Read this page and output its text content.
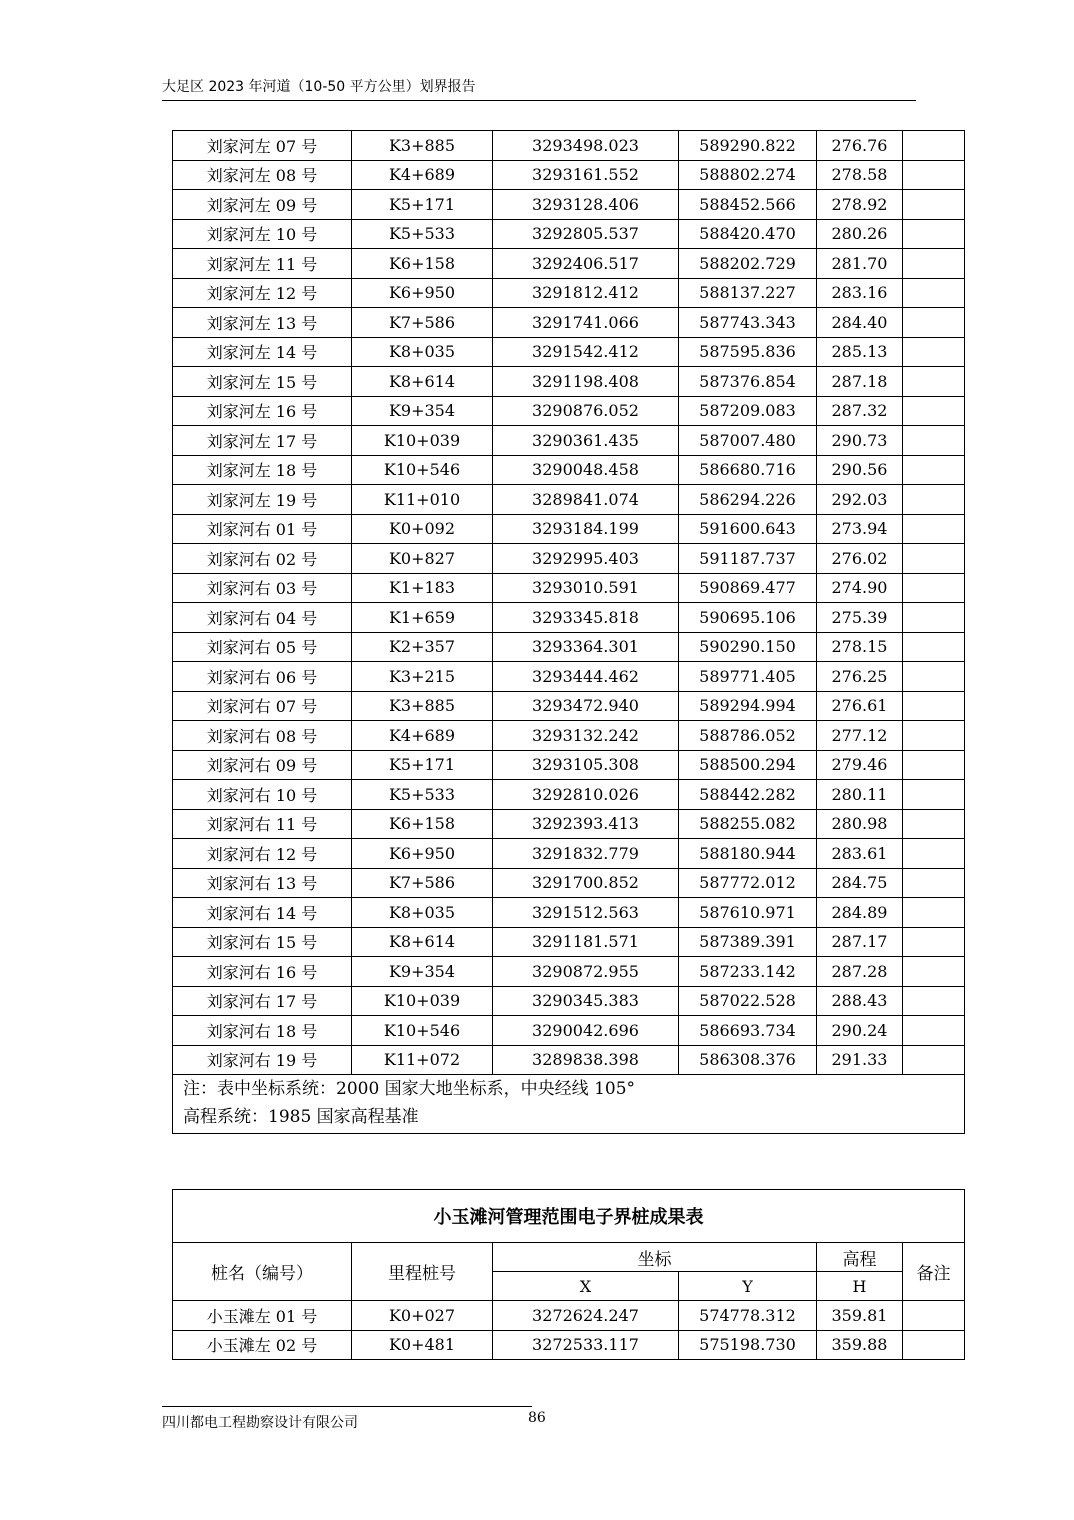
大足区 2023 年河道（10-50 平方公里）划界报告
刘家河左 07 号	K3+885	3293498.023	589290.822	276.76	
刘家河左 08 号	K4+689	3293161.552	588802.274	278.58	
刘家河左 09 号	K5+171	3293128.406	588452.566	278.92	
刘家河左 10 号	K5+533	3292805.537	588420.470	280.26	
刘家河左 11 号	K6+158	3292406.517	588202.729	281.70	
刘家河左 12 号	K6+950	3291812.412	588137.227	283.16	
刘家河左 13 号	K7+586	3291741.066	587743.343	284.40	
刘家河左 14 号	K8+035	3291542.412	587595.836	285.13	
刘家河左 15 号	K8+614	3291198.408	587376.854	287.18	
刘家河左 16 号	K9+354	3290876.052	587209.083	287.32	
刘家河左 17 号	K10+039	3290361.435	587007.480	290.73	
刘家河左 18 号	K10+546	3290048.458	586680.716	290.56	
刘家河左 19 号	K11+010	3289841.074	586294.226	292.03	
刘家河右 01 号	K0+092	3293184.199	591600.643	273.94	
刘家河右 02 号	K0+827	3292995.403	591187.737	276.02	
刘家河右 03 号	K1+183	3293010.591	590869.477	274.90	
刘家河右 04 号	K1+659	3293345.818	590695.106	275.39	
刘家河右 05 号	K2+357	3293364.301	590290.150	278.15	
刘家河右 06 号	K3+215	3293444.462	589771.405	276.25	
刘家河右 07 号	K3+885	3293472.940	589294.994	276.61	
刘家河右 08 号	K4+689	3293132.242	588786.052	277.12	
刘家河右 09 号	K5+171	3293105.308	588500.294	279.46	
刘家河右 10 号	K5+533	3292810.026	588442.282	280.11	
刘家河右 11 号	K6+158	3292393.413	588255.082	280.98	
刘家河右 12 号	K6+950	3291832.779	588180.944	283.61	
刘家河右 13 号	K7+586	3291700.852	587772.012	284.75	
刘家河右 14 号	K8+035	3291512.563	587610.971	284.89	
刘家河右 15 号	K8+614	3291181.571	587389.391	287.17	
刘家河右 16 号	K9+354	3290872.955	587233.142	287.28	
刘家河右 17 号	K10+039	3290345.383	587022.528	288.43	
刘家河右 18 号	K10+546	3290042.696	586693.734	290.24	
刘家河右 19 号	K11+072	3289838.398	586308.376	291.33	

注：表中坐标系统：2000 国家大地坐标系，中央经线 105°
高程系统：1985 国家高程基准					
小玉滩河管理范围电子界桩成果表					
桩名（编号）	里程桩号	坐标		高程	备注
		X	Y	H	
小玉滩左 01 号	K0+027	3272624.247	574778.312	359.81	
小玉滩左 02 号	K0+481	3272533.117	575198.730	359.88	
四川都电工程勘察设计有限公司	86
